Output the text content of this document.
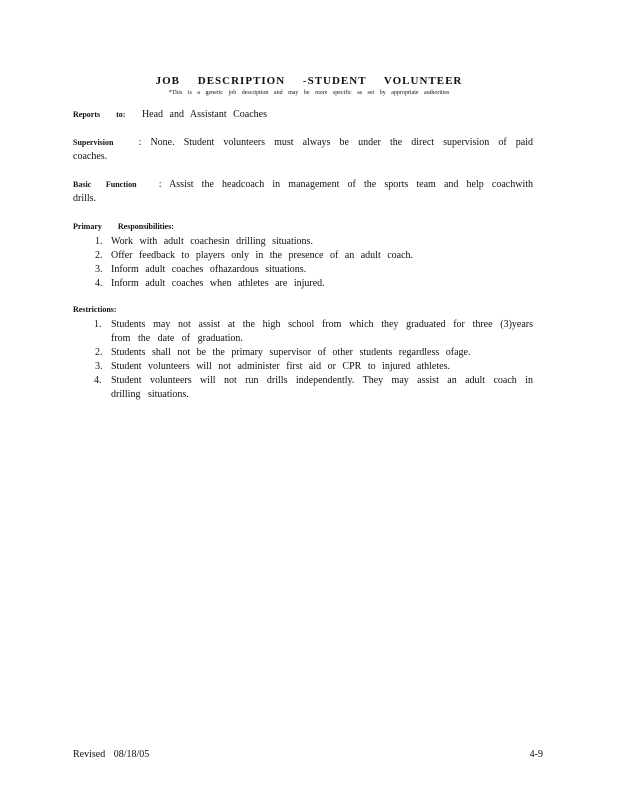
JOB DESCRIPTION -STUDENT VOLUNTEER
*This is a generic job description and may be more specific as set by appropriate authorities
Reports to: Head and Assistant Coaches
Supervision	: None. Student volunteers must always be under the direct supervision of paid coaches.
Basic Function : Assist the headcoach in management of the sports team and help coachwith drills.
Primary Responsibilities:
1. Work with adult coachesin drilling situations.
2. Offer feedback to players only in the presence of an adult coach.
3. Inform adult coaches ofhazardous situations.
4. Inform adult coaches when athletes are injured.
Restrictions:
1. Students may not assist at the high school from which they graduated for three (3)years from the date of graduation.
2. Students shall not be the primary supervisor of other students regardless ofage.
3. Student volunteers will not administer first aid or CPR to injured athletes.
4. Student volunteers will not run drills independently. They may assist an adult coach in drilling situations.
Revised 08/18/05	4-9
